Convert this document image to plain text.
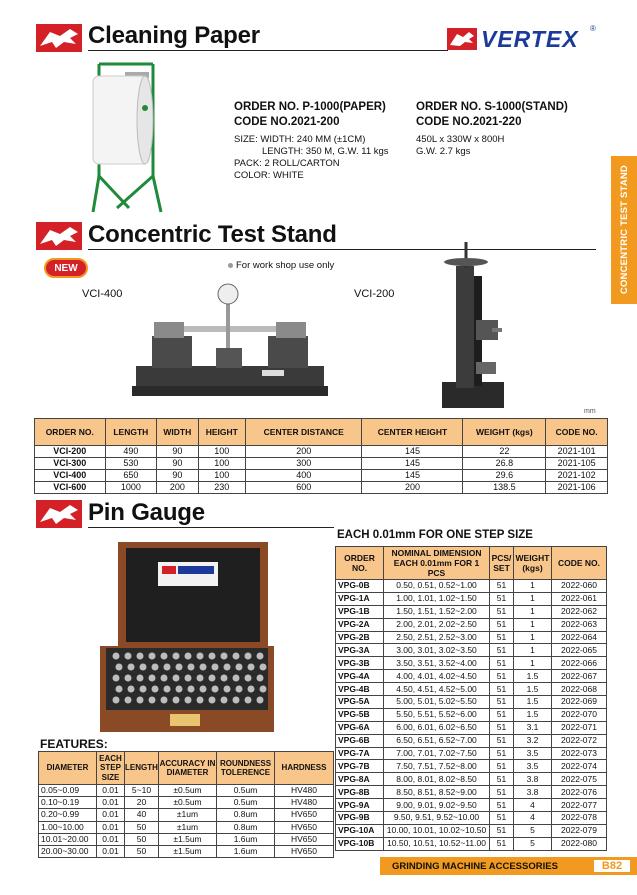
Cleaning Paper	VERTEX ®
ORDER NO. P-1000(PAPER)
CODE NO.2021-200
SIZE: WIDTH: 240 MM (±1CM)
LENGTH: 350 M, G.W. 11 kgs
PACK: 2 ROLL/CARTON
COLOR: WHITE
ORDER NO. S-1000(STAND)
CODE NO.2021-220
450L x 330W x 800H
G.W. 2.7 kgs
CONCENTRIC TEST STAND
Concentric Test Stand
NEW	For work shop use only
VCI-400	VCI-200
mm
ORDER NO.	LENGTH	WIDTH	HEIGHT	CENTER DISTANCE	CENTER HEIGHT	WEIGHT (kgs)	CODE NO.
VCI-200	490	90	100	200	145	22	2021-101
VCI-300	530	90	100	300	145	26.8	2021-105
VCI-400	650	90	100	400	145	29.6	2021-102
VCI-600	1000	200	230	600	200	138.5	2021-106
Pin Gauge
EACH 0.01mm FOR ONE STEP SIZE
ORDER NO.	NOMINAL DIMENSION EACH 0.01mm FOR 1 PCS	PCS/ SET	WEIGHT (kgs)	CODE NO.
VPG-0B	0.50, 0.51, 0.52~1.00	51	1	2022-060
VPG-1A	1.00, 1.01, 1.02~1.50	51	1	2022-061
VPG-1B	1.50, 1.51, 1.52~2.00	51	1	2022-062
VPG-2A	2.00, 2.01, 2.02~2.50	51	1	2022-063
VPG-2B	2.50, 2.51, 2.52~3.00	51	1	2022-064
VPG-3A	3.00, 3.01, 3.02~3.50	51	1	2022-065
VPG-3B	3.50, 3.51, 3.52~4.00	51	1	2022-066
VPG-4A	4.00, 4.01, 4.02~4.50	51	1.5	2022-067
VPG-4B	4.50, 4.51, 4.52~5.00	51	1.5	2022-068
VPG-5A	5.00, 5.01, 5.02~5.50	51	1.5	2022-069
VPG-5B	5.50, 5.51, 5.52~6.00	51	1.5	2022-070
VPG-6A	6.00, 6.01, 6.02~6.50	51	3.1	2022-071
VPG-6B	6.50, 6.51, 6.52~7.00	51	3.2	2022-072
VPG-7A	7.00, 7.01, 7.02~7.50	51	3.5	2022-073
VPG-7B	7.50, 7.51, 7.52~8.00	51	3.5	2022-074
VPG-8A	8.00, 8.01, 8.02~8.50	51	3.8	2022-075
VPG-8B	8.50, 8.51, 8.52~9.00	51	3.8	2022-076
VPG-9A	9.00, 9.01, 9.02~9.50	51	4	2022-077
VPG-9B	9.50, 9.51, 9.52~10.00	51	4	2022-078
VPG-10A	10.00, 10.01, 10.02~10.50	51	5	2022-079
VPG-10B	10.50, 10.51, 10.52~11.00	51	5	2022-080
FEATURES:
DIAMETER	EACH STEP SIZE	LENGTH	ACCURACY IN DIAMETER	ROUNDNESS TOLERENCE	HARDNESS
0.05~0.09	0.01	5~10	±0.5um	0.5um	HV480
0.10~0.19	0.01	20	±0.5um	0.5um	HV480
0.20~0.99	0.01	40	±1um	0.8um	HV650
1.00~10.00	0.01	50	±1um	0.8um	HV650
10.01~20.00	0.01	50	±1.5um	1.6um	HV650
20.00~30.00	0.01	50	±1.5um	1.6um	HV650
GRINDING MACHINE ACCESSORIES	B82
